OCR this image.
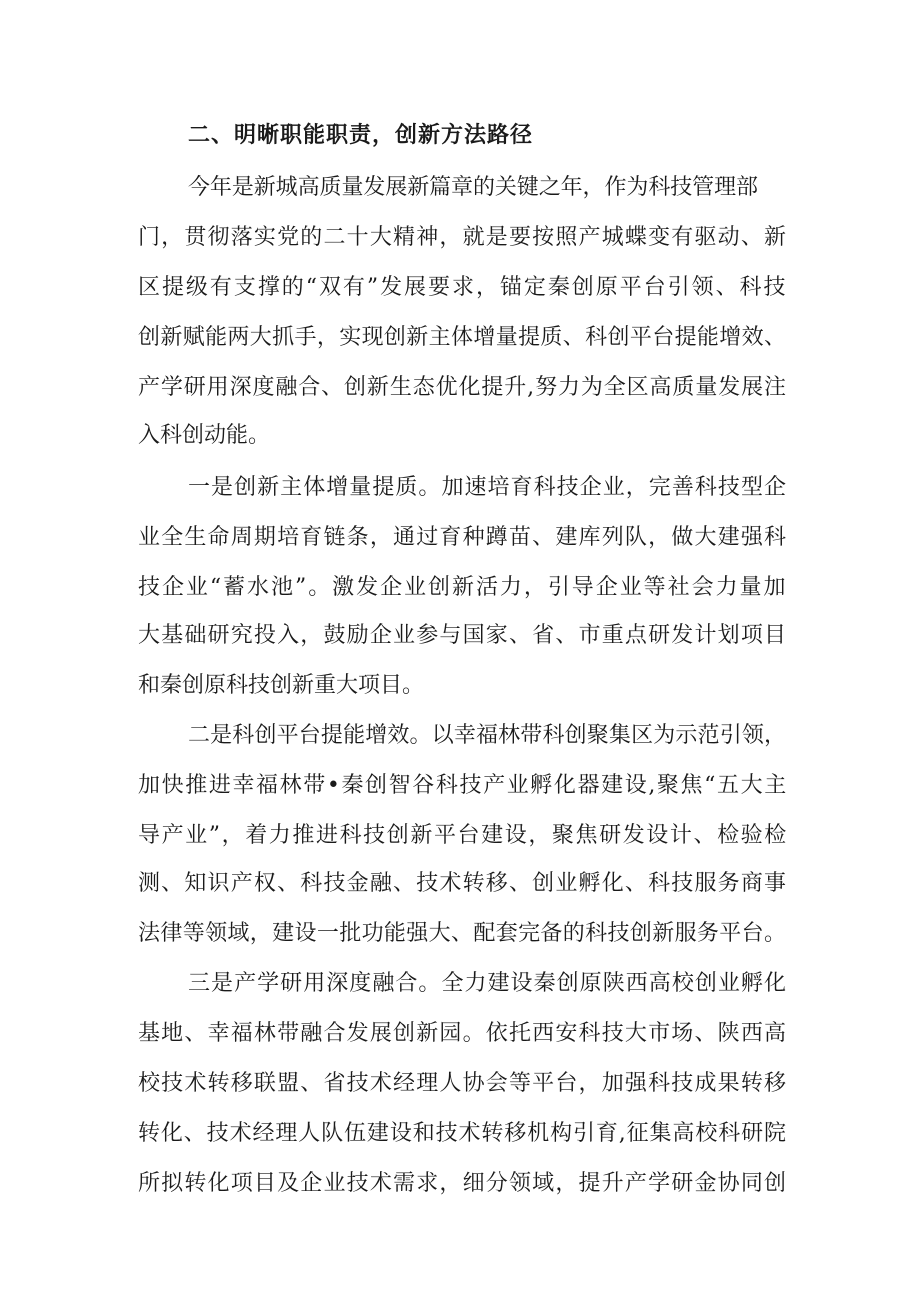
二、明晰职能职责，创新方法路径
今年是新城高质量发展新篇章的关键之年，作为科技管理部
门，贯彻落实党的二十大精神，就是要按照产城蝶变有驱动、新
区提级有支撑的“双有”发展要求，锚定秦创原平台引领、科技
创新赋能两大抓手，实现创新主体增量提质、科创平台提能增效、
产学研用深度融合、创新生态优化提升,努力为全区高质量发展注
入科创动能。
一是创新主体增量提质。加速培育科技企业，完善科技型企
业全生命周期培育链条，通过育种蹲苗、建库列队，做大建强科
技企业“蓄水池”。激发企业创新活力，引导企业等社会力量加
大基础研究投入，鼓励企业参与国家、省、市重点研发计划项目
和秦创原科技创新重大项目。
二是科创平台提能增效。以幸福林带科创聚集区为示范引领，
加快推进幸福林带•秦创智谷科技产业孵化器建设,聚焦“五大主
导产业”，着力推进科技创新平台建设，聚焦研发设计、检验检
测、知识产权、科技金融、技术转移、创业孵化、科技服务商事
法律等领域，建设一批功能强大、配套完备的科技创新服务平台。
三是产学研用深度融合。全力建设秦创原陕西高校创业孵化
基地、幸福林带融合发展创新园。依托西安科技大市场、陕西高
校技术转移联盟、省技术经理人协会等平台，加强科技成果转移
转化、技术经理人队伍建设和技术转移机构引育,征集高校科研院
所拟转化项目及企业技术需求，细分领域，提升产学研金协同创
